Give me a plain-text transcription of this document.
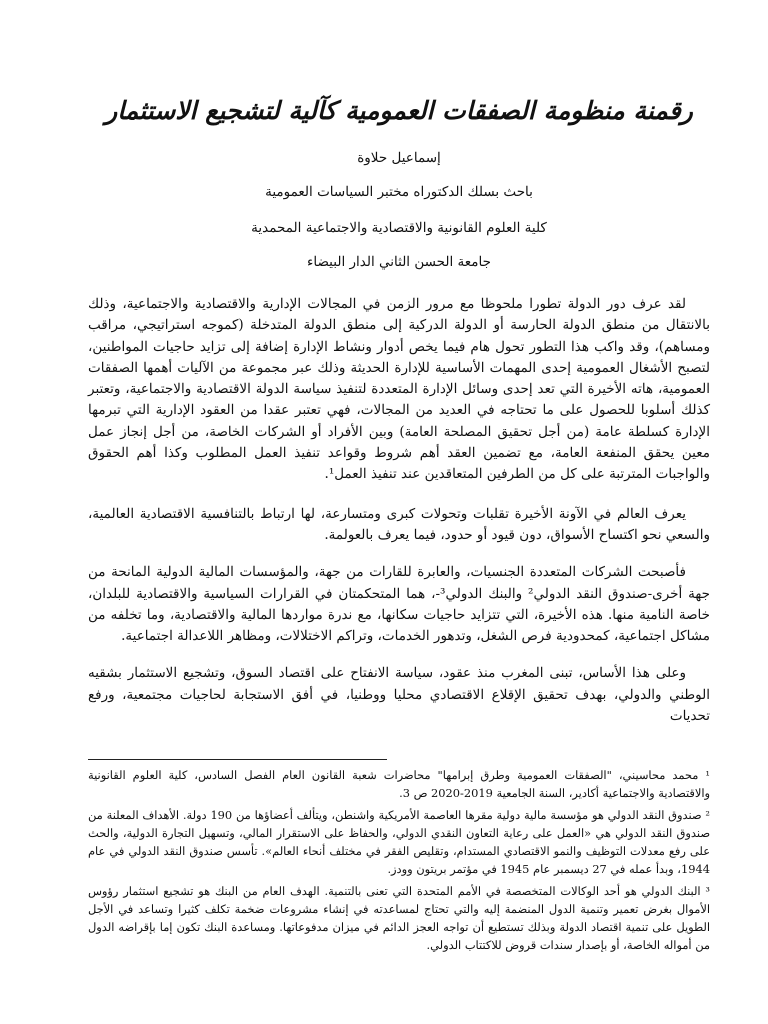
رقمنة منظومة الصفقات العمومية كآلية لتشجيع الاستثمار
إسماعيل حلاوة
باحث بسلك الدكتوراه مختبر السياسات العمومية
كلية العلوم القانونية والاقتصادية والاجتماعية المحمدية
جامعة الحسن الثاني الدار البيضاء

لقد عرف دور الدولة تطورا ملحوظا مع مرور الزمن في المجالات الإدارية والاقتصادية والاجتماعية، وذلك بالانتقال من منطق الدولة الحارسة أو الدولة الدركية إلى منطق الدولة المتدخلة (كموجه استراتيجي، مراقب ومساهم)، وقد واكب هذا التطور تحول هام فيما يخص أدوار ونشاط الإدارة إضافة إلى تزايد حاجيات المواطنين، لتصبح الأشغال العمومية إحدى المهمات الأساسية للإدارة الحديثة وذلك عبر مجموعة من الآليات أهمها الصفقات العمومية، هاته الأخيرة التي تعد إحدى وسائل الإدارة المتعددة لتنفيذ سياسة الدولة الاقتصادية والاجتماعية، وتعتبر كذلك أسلوبا للحصول على ما تحتاجه في العديد من المجالات، فهي تعتبر عقدا من العقود الإدارية التي تبرمها الإدارة كسلطة عامة (من أجل تحقيق المصلحة العامة) وبين الأفراد أو الشركات الخاصة، من أجل إنجاز عمل معين يحقق المنفعة العامة، مع تضمين العقد أهم شروط وقواعد تنفيذ العمل المطلوب وكذا أهم الحقوق والواجبات المترتبة على كل من الطرفين المتعاقدين عند تنفيذ العمل¹.

يعرف العالم في الآونة الأخيرة تقلبات وتحولات كبرى ومتسارعة، لها ارتباط بالتنافسية الاقتصادية العالمية، والسعي نحو اكتساح الأسواق، دون قيود أو حدود، فيما يعرف بالعولمة.

فأصبحت الشركات المتعددة الجنسيات، والعابرة للقارات من جهة، والمؤسسات المالية الدولية المانحة من جهة أخرى-صندوق النقد الدولي² والبنك الدولي³-، هما المتحكمتان في القرارات السياسية والاقتصادية للبلدان، خاصة النامية منها. هذه الأخيرة، التي تتزايد حاجيات سكانها، مع ندرة مواردها المالية والاقتصادية، وما تخلفه من مشاكل اجتماعية، كمحدودية فرص الشغل، وتدهور الخدمات، وتراكم الاختلالات، ومظاهر اللاعدالة اجتماعية.

وعلى هذا الأساس، تبنى المغرب منذ عقود، سياسة الانفتاح على اقتصاد السوق، وتشجيع الاستثمار بشقيه الوطني والدولي، بهدف تحقيق الإقلاع الاقتصادي محليا ووطنيا، في أفق الاستجابة لحاجيات مجتمعية، ورفع تحديات

¹ محمد محاسيني، "الصفقات العمومية وطرق إبرامها" محاضرات شعبة القانون العام الفصل السادس، كلية العلوم القانونية والاقتصادية والاجتماعية أكادير، السنة الجامعية 2019-2020 ص 3.
² صندوق النقد الدولي هو مؤسسة مالية دولية مقرها العاصمة الأمريكية واشنطن، ويتألف أعضاؤها من 190 دولة. الأهداف المعلنة من صندوق النقد الدولي هي «العمل على رعاية التعاون النقدي الدولي، والحفاظ على الاستقرار المالي، وتسهيل التجارة الدولية، والحث على رفع معدلات التوظيف والنمو الاقتصادي المستدام، وتقليص الفقر في مختلف أنحاء العالم». تأسس صندوق النقد الدولي في عام 1944، وبدأ عمله في 27 ديسمبر عام 1945 في مؤتمر بريتون وودز.
³ البنك الدولي هو أحد الوكالات المتخصصة في الأمم المتحدة التي تعنى بالتنمية. الهدف العام من البنك هو تشجيع استثمار رؤوس الأموال بغرض تعمير وتنمية الدول المنضمة إليه والتي تحتاج لمساعدته في إنشاء مشروعات ضخمة تكلف كثيرا وتساعد في الأجل الطويل على تنمية اقتصاد الدولة وبذلك تستطيع أن تواجه العجز الدائم في ميزان مدفوعاتها. ومساعدة البنك تكون إما بإقراضه الدول من أمواله الخاصة، أو بإصدار سندات قروض للاكتتاب الدولي.
